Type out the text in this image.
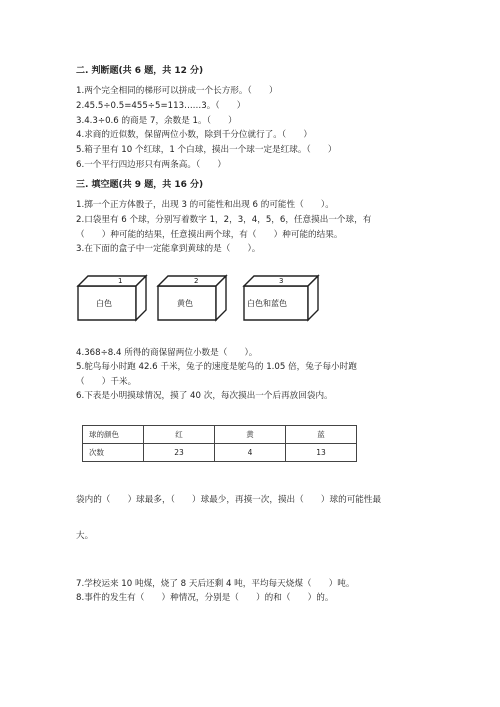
二. 判断题(共 6 题，共 12 分)
1.两个完全相同的梯形可以拼成一个长方形。（　　）
2.45.5÷0.5=455÷5=113……3。（　　）
3.4.3÷0.6 的商是 7，余数是 1。（　　）
4.求商的近似数，保留两位小数，除到千分位就行了。（　　）
5.箱子里有 10 个红球，1 个白球，摸出一个球一定是红球。（　　）
6.一个平行四边形只有两条高。（　　）
三. 填空题(共 9 题，共 16 分)
1.掷一个正方体骰子，出现 3 的可能性和出现 6 的可能性（　　）。
2.口袋里有 6 个球，分别写着数字 1，2，3，4，5，6，任意摸出一个球，有
（　　）种可能的结果，任意摸出两个球，有（　　）种可能的结果。
3.在下面的盒子中一定能拿到黄球的是（　　）。
1
白色
2
黄色
3
白色和蓝色
4.368÷8.4 所得的商保留两位小数是（　　）。
5.鸵鸟每小时跑 42.6 千米，兔子的速度是鸵鸟的 1.05 倍，兔子每小时跑
（　　）千米。
6.下表是小明摸球情况，摸了 40 次，每次摸出一个后再放回袋内。
球的颜色	红	黄	蓝
次数	23	4	13
袋内的（　　）球最多，（　　）球最少，再摸一次，摸出（　　）球的可能性最
大。
7.学校运来 10 吨煤，烧了 8 天后还剩 4 吨，平均每天烧煤（　　）吨。
8.事件的发生有（　　）种情况，分别是（　　）的和（　　）的。
